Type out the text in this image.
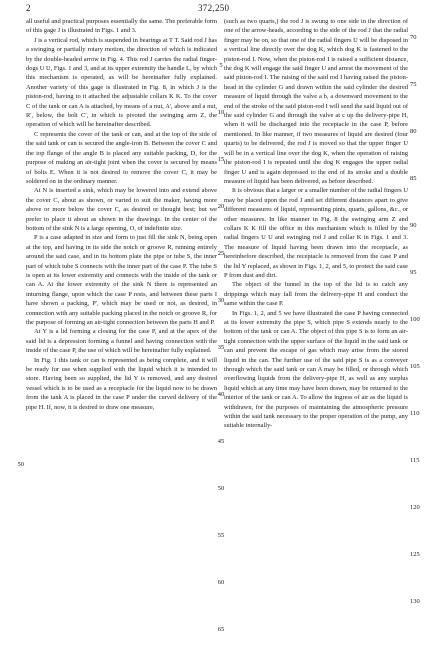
2	372,250

all useful and practical purposes essentially the same. The preferable form of this gage J is illustrated in Figs. 1 and 3.

J is a vertical rod, which is suspended in bearings at T T. Said rod J has a swinging or partially rotary motion, the direction of which is indicated by the double-headed arrow in Fig. 4. This rod J carries the radial finger-dogs U U, Figs. 1 and 3, and at its upper extremity the handle L, by which this mechanism is operated, as will be hereinafter fully explained. Another variety of this gage is illustrated in Fig. 8, in which J is the piston-rod, having to it attached the adjustable collars K K. To the cover C of the tank or can A is attached, by means of a nut, A', above and a nut, R', below, the bolt C', in which is pivoted the swinging arm Z, the operation of which will be hereinafter described.

C represents the cover of the tank or can, and at the top of the side of the said tank or can is secured the angle-iron B. Between the cover C and the top flange of the angle B is placed any suitable packing, D, for the purpose of making an air-tight joint when the cover is secured by means of bolts E. When it is not desired to remove the cover C, it may be soldered on in the ordinary manner.

At N is inserted a sink, which may be lowered into and extend above the cover C, about as shown, or varied to suit the maker, having more above or more below the cover C, as desired or thought best; but we prefer to place it about as shown in the drawings. In the center of the bottom of the sink N is a large opening, O, of indefinite size.

P is a case adapted in size and form to just fill the sink N, being open at the top, and having in its side the notch or groove R, running entirely around the said case, and in its bottom plate the pipe or tube S, the inner part of which tube S connects with the inner part of the case P. The tube S is open at its lower extremity and connects with the inside of the tank or can A. At the lower extremity of the sink N there is represented an inturning flange, upon which the case P rests, and between these parts I have shown a packing, P', which may be used or not, as desired, in connection with any suitable packing placed in the notch or groove R, for the purpose of forming an air-tight connection between the parts H and P.

At Y is a lid forming a closing for the case P, and at the apex of the said lid is a depression forming a funnel and having connection with the inside of the case P, the use of which will be hereinafter fully explained.

In Fig. 1 this tank or can is represented as being complete, and it will be ready for use when supplied with the liquid which it is intended to store. Having been so supplied, the lid Y is removed, and any desired vessel which is to be used as a receptacle for the liquid now to be drawn from the tank A is placed in the case P under the curved delivery of the pipe H. If, now, it is desired to draw one measure,

(such as two quarts,) the rod J is swung to one side in the direction of one of the arrow-heads, according to the side of the rod J that the radial finger may be on, so that one of the radial fingers U will be disposed in a vertical line directly over the dog K, which dog K is fastened to the piston-rod I. Now, when the piston-rod I is raised a sufficient distance, the dog K will engage the said finger U and arrest the movement of the said piston-rod I. The raising of the said rod I having raised the piston-head in the cylinder G and drawn within the said cylinder the desired measure of liquid through the valve a b, a downward movement to the end of the stroke of the said piston-rod I will send the said liquid out of the said cylinder G and through the valve at c up the delivery-pipe H, when it will be discharged into the receptacle in the case P, before mentioned. In like manner, if two measures of liquid are desired (four quarts) to be delivered, the rod J is moved so that the upper finger U will be in a vertical line over the dog K, when the operation of raising the piston-rod I is repeated until the dog K engages the upper radial finger U and is again depressed to the end of its stroke and a double measure of liquid has been delivered, as before described.

It is obvious that a larger or a smaller number of the radial fingers U may be placed upon the rod J and set different distances apart to give different measures of liquid, representing pints, quarts, gallons, &c., or other measures. In like manner in Fig. 8 the swinging arm Z and collars K K fill the office in this mechanism which is filled by the radial fingers U U and swinging rod J and collar K in Figs. 1 and 3. The measure of liquid having been drawn into the receptacle, as hereinbefore described, the receptacle is removed from the case P and the lid Y replaced, as shown in Figs. 1, 2, and 5, to protect the said case P from dust and dirt.

The object of the funnel in the top of the lid is to catch any drippings which may fall from the delivery-pipe H and conduct the same within the case P.

In Figs. 1, 2, and 5 we have illustrated the case P having connected at its lower extremity the pipe S, which pipe S extends nearly to the bottom of the tank or can A. The object of this pipe S is to form an air-tight connection with the upper surface of the liquid in the said tank or can and prevent the escape of gas which may arise from the stored liquid in the can. The further use of the said pipe S is as a conveyer through which the said tank or can A may be filled, or through which overflowing liquids from the delivery-pipe H, as well as any surplus liquid which at any time may have been drawn, may be returned to the interior of the tank or can A. To allow the ingress of air as the liquid is withdrawn, for the purposes of maintaining the atmospheric pressure within the said tank necessary to the proper operation of the pump, any suitable internally-

5
10
15
20
25
30
35
40
45
50
55
60
65
50
70
75
80
85
90
95
100
105
110
115
120
125
130
